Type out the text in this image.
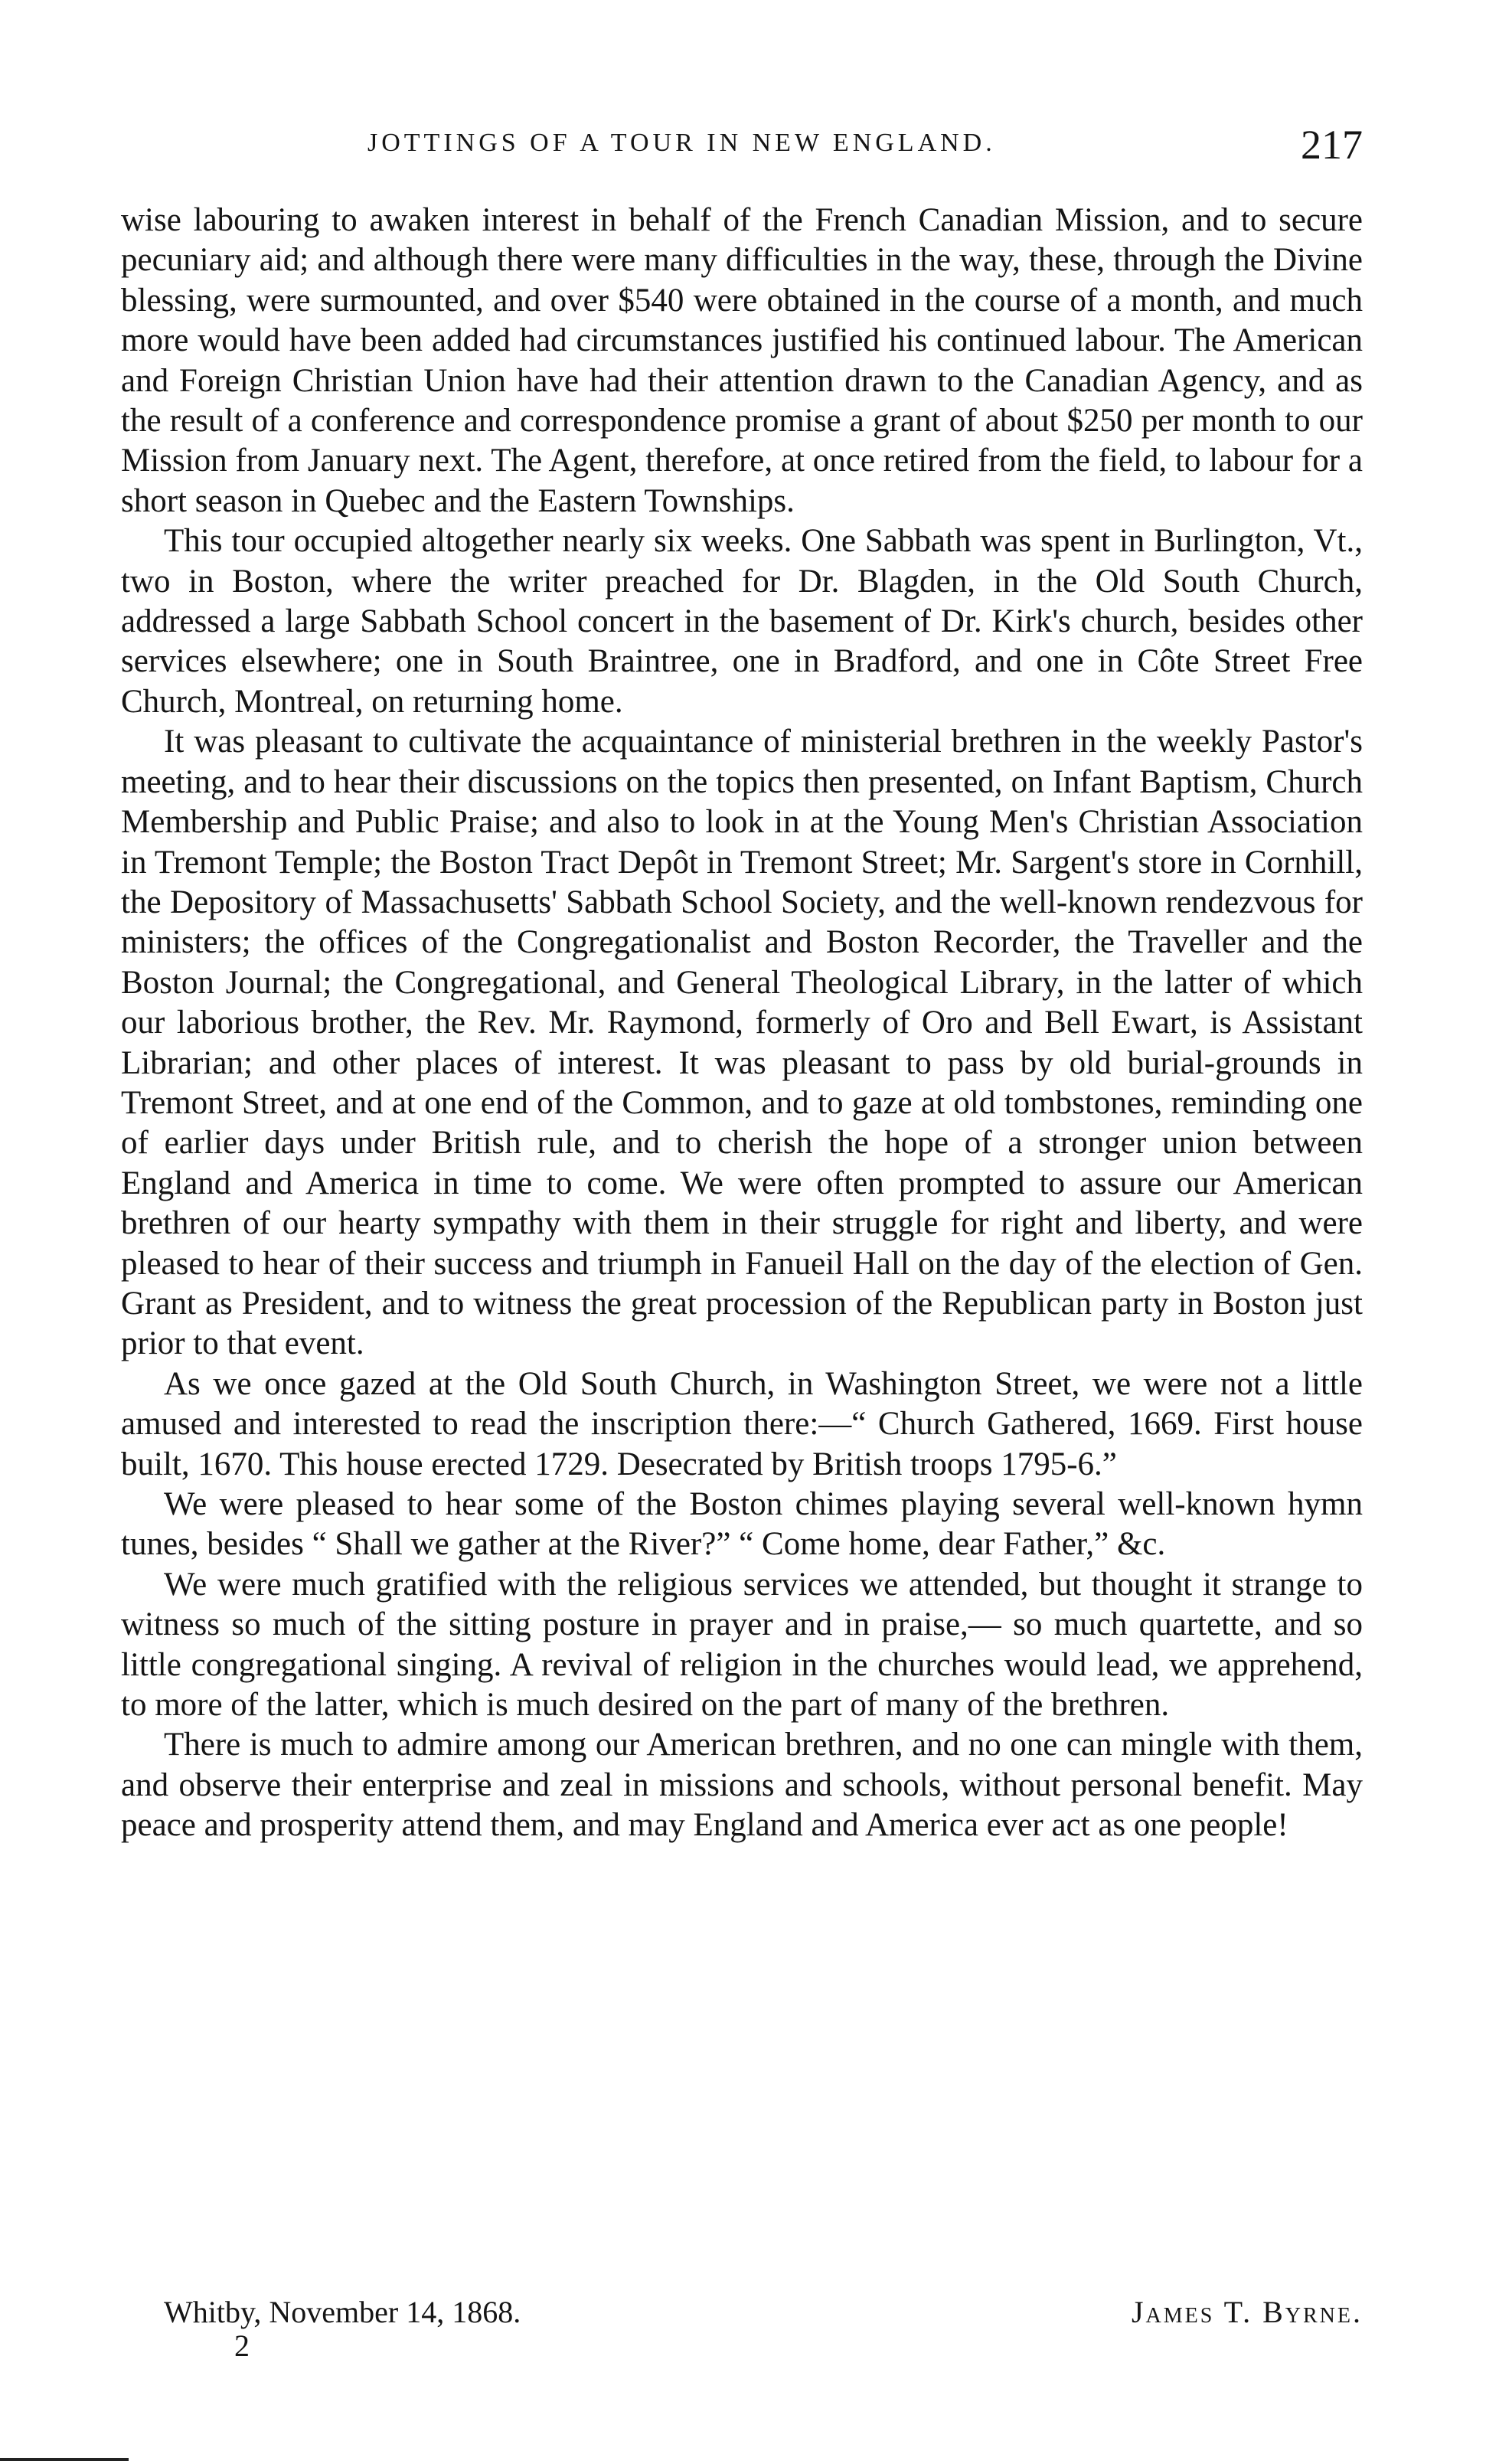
JOTTINGS OF A TOUR IN NEW ENGLAND.	217

wise labouring to awaken interest in behalf of the French Canadian Mission, and to secure pecuniary aid; and although there were many difficulties in the way, these, through the Divine blessing, were surmounted, and over $540 were obtained in the course of a month, and much more would have been added had circumstances justified his continued labour. The American and Foreign Christian Union have had their attention drawn to the Canadian Agency, and as the result of a conference and correspondence promise a grant of about $250 per month to our Mission from January next. The Agent, therefore, at once retired from the field, to labour for a short season in Quebec and the Eastern Townships.

This tour occupied altogether nearly six weeks. One Sabbath was spent in Burlington, Vt., two in Boston, where the writer preached for Dr. Blagden, in the Old South Church, addressed a large Sabbath School concert in the basement of Dr. Kirk's church, besides other services elsewhere; one in South Braintree, one in Bradford, and one in Côte Street Free Church, Montreal, on returning home.

It was pleasant to cultivate the acquaintance of ministerial brethren in the weekly Pastor's meeting, and to hear their discussions on the topics then presented, on Infant Baptism, Church Membership and Public Praise; and also to look in at the Young Men's Christian Association in Tremont Temple; the Boston Tract Depôt in Tremont Street; Mr. Sargent's store in Cornhill, the Depository of Massachusetts' Sabbath School Society, and the well-known rendezvous for ministers; the offices of the Congregationalist and Boston Recorder, the Traveller and the Boston Journal; the Congregational, and General Theological Library, in the latter of which our laborious brother, the Rev. Mr. Raymond, formerly of Oro and Bell Ewart, is Assistant Librarian; and other places of interest. It was pleasant to pass by old burial-grounds in Tremont Street, and at one end of the Common, and to gaze at old tombstones, reminding one of earlier days under British rule, and to cherish the hope of a stronger union between England and America in time to come. We were often prompted to assure our American brethren of our hearty sympathy with them in their struggle for right and liberty, and were pleased to hear of their success and triumph in Fanueil Hall on the day of the election of Gen. Grant as President, and to witness the great procession of the Republican party in Boston just prior to that event.

As we once gazed at the Old South Church, in Washington Street, we were not a little amused and interested to read the inscription there:—“ Church Gathered, 1669. First house built, 1670. This house erected 1729. Desecrated by British troops 1795-6.”

We were pleased to hear some of the Boston chimes playing several well-known hymn tunes, besides “ Shall we gather at the River?” “ Come home, dear Father,” &c.

We were much gratified with the religious services we attended, but thought it strange to witness so much of the sitting posture in prayer and in praise,— so much quartette, and so little congregational singing. A revival of religion in the churches would lead, we apprehend, to more of the latter, which is much desired on the part of many of the brethren.

There is much to admire among our American brethren, and no one can mingle with them, and observe their enterprise and zeal in missions and schools, without personal benefit. May peace and prosperity attend them, and may England and America ever act as one people!

Whitby, November 14, 1868.	James T. Byrne.
2
